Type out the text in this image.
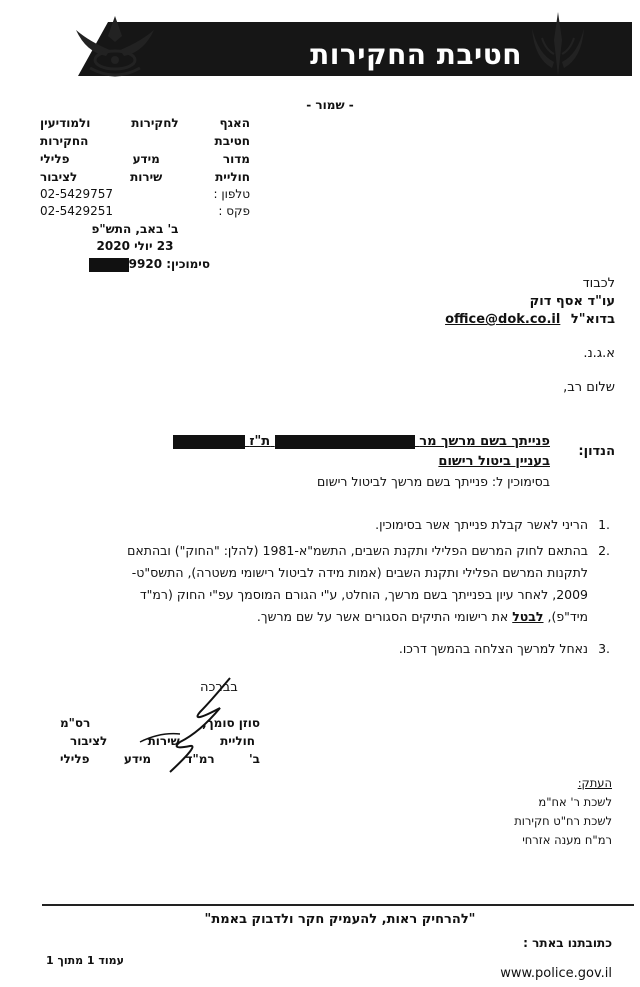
חטיבת החקירות
- שמור -
האגף
לחקירות
ולמודיעין
חטיבת
החקירות
מדור
מידע
פלילי
חוליית
שירות
לציבור
טלפון :
02-5429757
פקס :
02-5429251
ב' באב, התש"פ
23 יולי 2020
סימוכין: 9920
לכבוד
עו"ד אסף דוק
בדוא"ל office@dok.co.il
א.ג.נ.
שלום רב,
הנדון:
פנייתך בשם מרשך מר  ת"ז
בעניין ביטול רישום
בסימוכין ל: פנייתך בשם מרשך לביטול רישום
.1
הריני לאשר קבלת פנייתך אשר בסימוכין.
.2
בהתאם לחוק המרשם הפלילי ותקנת השבים, התשמ"א-1981 (להלן: "החוק") ובהתאם
לתקנות המרשם הפלילי ותקנת השבים (אמות מידה לביטול רישומי משטרה), התשס"ט-
2009, לאחר עיון בפנייתך בשם מרשך, הוחלט, ע"י הגורם המוסמך עפ"י החוק (רמ"ד
מיד"פ), לבטל את רישומי התיקים הסגורים אשר על שם מרשך.
.3
נאחל למרשך הצלחה בהמשך דרכו.
בברכה
סוזן סומך,
רס"מ
חוליית
שירות
לציבור
ב'
רמ"ד
מידע
פלילי
העתק:
לשכת ר' אח"מ
לשכת רח"ט חקירות
רמ"ח מענה אזרחי
"להרחיק ראות, להעמיק חקר ולדבוק באמת"
כתובתנו באתר :
עמוד 1 מתוך 1
www.police.gov.il
